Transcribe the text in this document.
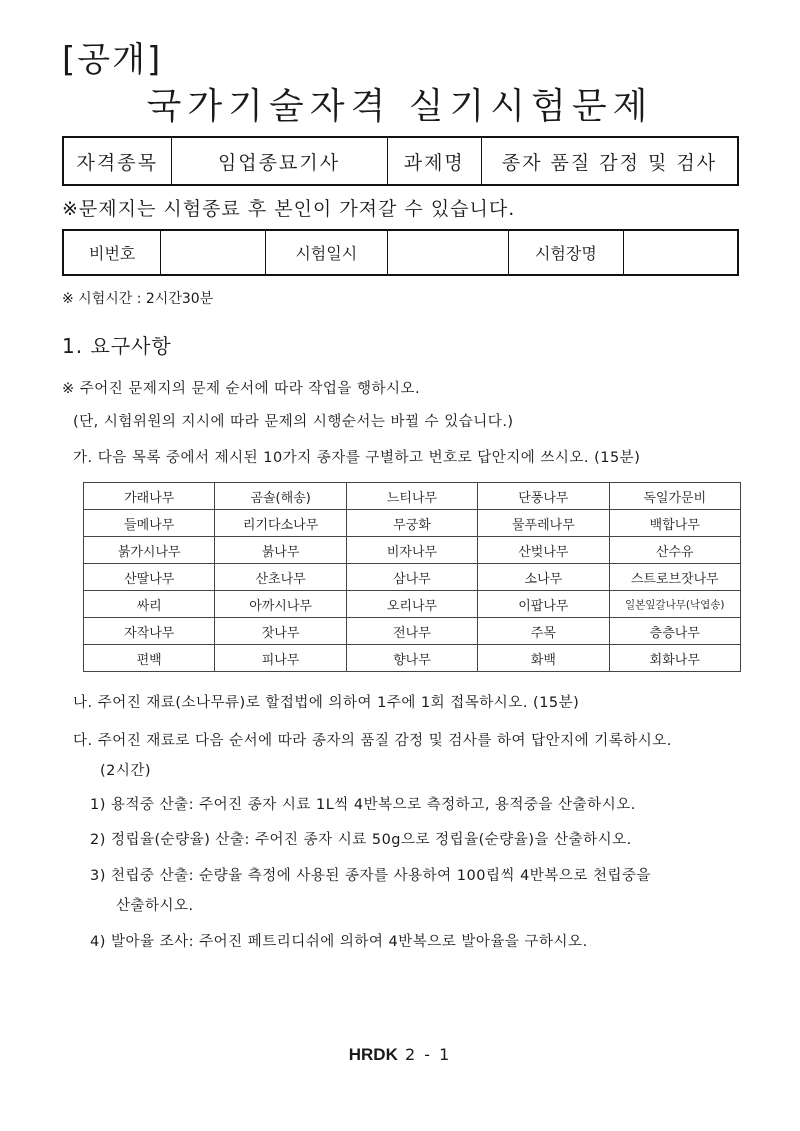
[공개]
국가기술자격 실기시험문제
자격종목	임업종묘기사	과제명	종자 품질 감정 및 검사
※문제지는 시험종료 후 본인이 가져갈 수 있습니다.
비번호		시험일시		시험장명	
※ 시험시간 : 2시간30분
1. 요구사항
※ 주어진 문제지의 문제 순서에 따라 작업을 행하시오.
(단, 시험위원의 지시에 따라 문제의 시행순서는 바뀔 수 있습니다.)
가. 다음 목록 중에서 제시된 10가지 종자를 구별하고 번호로 답안지에 쓰시오. (15분)
가래나무	곰솔(해송)	느티나무	단풍나무	독일가문비
들메나무	리기다소나무	무궁화	물푸레나무	백합나무
붉가시나무	붉나무	비자나무	산벚나무	산수유
산딸나무	산초나무	삼나무	소나무	스트로브잣나무
싸리	아까시나무	오리나무	이팝나무	일본잎갈나무(낙엽송)
자작나무	잣나무	전나무	주목	층층나무
편백	피나무	향나무	화백	회화나무
나. 주어진 재료(소나무류)로 할접법에 의하여 1주에 1회 접목하시오. (15분)
다. 주어진 재료로 다음 순서에 따라 종자의 품질 감정 및 검사를 하여 답안지에 기록하시오.
(2시간)
1) 용적중 산출: 주어진 종자 시료 1L씩 4반복으로 측정하고, 용적중을 산출하시오.
2) 정립율(순량율) 산출: 주어진 종자 시료 50g으로 정립율(순량율)을 산출하시오.
3) 천립중 산출: 순량율 측정에 사용된 종자를 사용하여 100립씩 4반복으로 천립중을
산출하시오.
4) 발아율 조사: 주어진 페트리디쉬에 의하여 4반복으로 발아율을 구하시오.
HRDK 2 - 1
